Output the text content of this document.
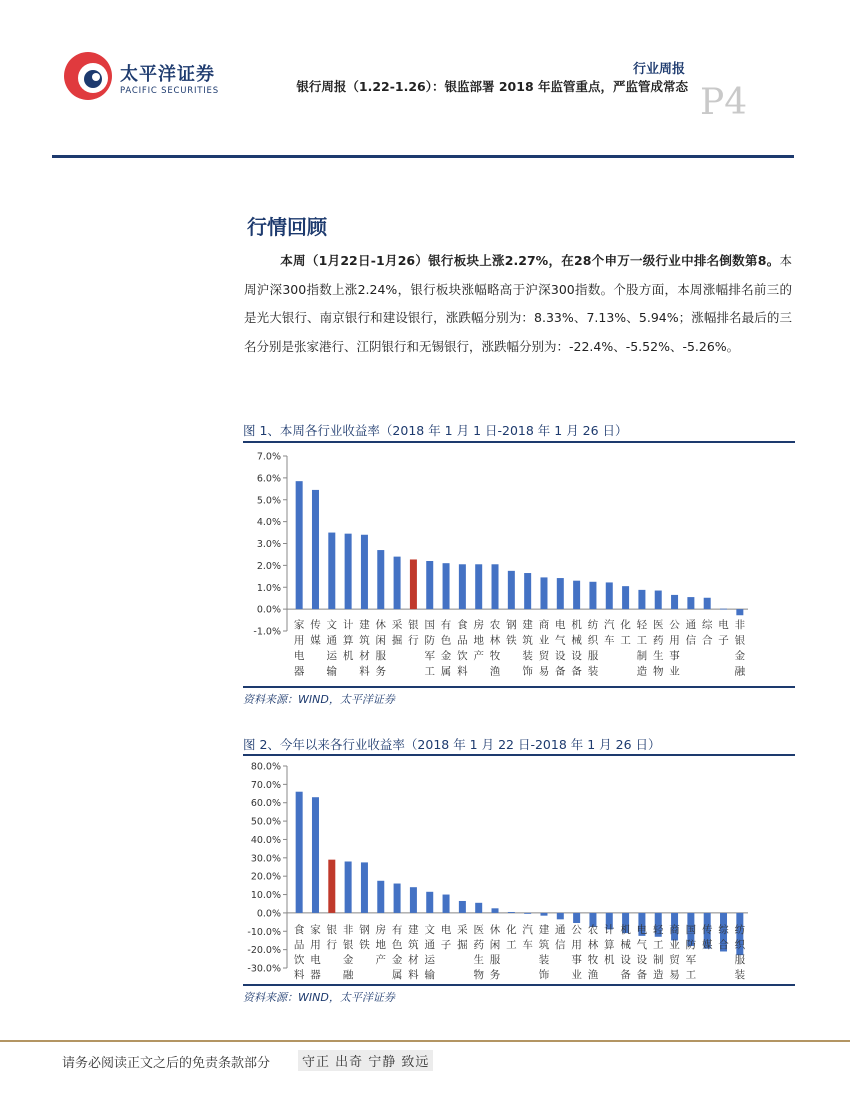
太平洋证券
PACIFIC SECURITIES
行业周报
银行周报（1.22-1.26）：银监部署 2018 年监管重点，严监管成常态 P4
行情回顾
本周（1月22日-1月26）银行板块上涨2.27%，在28个申万一级行业中排名倒数第8。本周沪深300指数上涨2.24%，银行板块涨幅略高于沪深300指数。个股方面，本周涨幅排名前三的是光大银行、南京银行和建设银行，涨跌幅分别为：8.33%、7.13%、5.94%；涨幅排名最后的三名分别是张家港行、江阴银行和无锡银行，涨跌幅分别为：-22.4%、-5.52%、-5.26%。
图 1、本周各行业收益率（2018 年 1 月 1 日-2018 年 1 月 26 日）
7.0%
6.0%
5.0%
4.0%
3.0%
2.0%
1.0%
0.0%
-1.0%
家用电器
传媒
文通运输
计算机
建筑材料
休闲服务
采掘
银行
国防军工
有色金属
食品饮料
房地产
农林牧渔
钢铁
建筑装饰
商业贸易
电气设备
机械设备
纺织服装
汽车
化工
轻工制造
医药生物
公用事业
通信
综合
电子
非银金融
资料来源：WIND，太平洋证券
图 2、今年以来各行业收益率（2018 年 1 月 22 日-2018 年 1 月 26 日）
80.0%
70.0%
60.0%
50.0%
40.0%
30.0%
20.0%
10.0%
0.0%
-10.0%
-20.0%
-30.0%
食品饮料
家用电器
银行
非银金融
钢铁
房地产
有色金属
建筑材料
文通运输
电子
采掘
医药生物
休闲服务
化工
汽车
建筑装饰
通信
公用事业
农林牧渔
计算机
机械设备
电气设备
轻工制造
商业贸易
国防军工
传媒
综合
纺织服装
资料来源：WIND，太平洋证券
请务必阅读正文之后的免责条款部分	守正 出奇 宁静 致远
